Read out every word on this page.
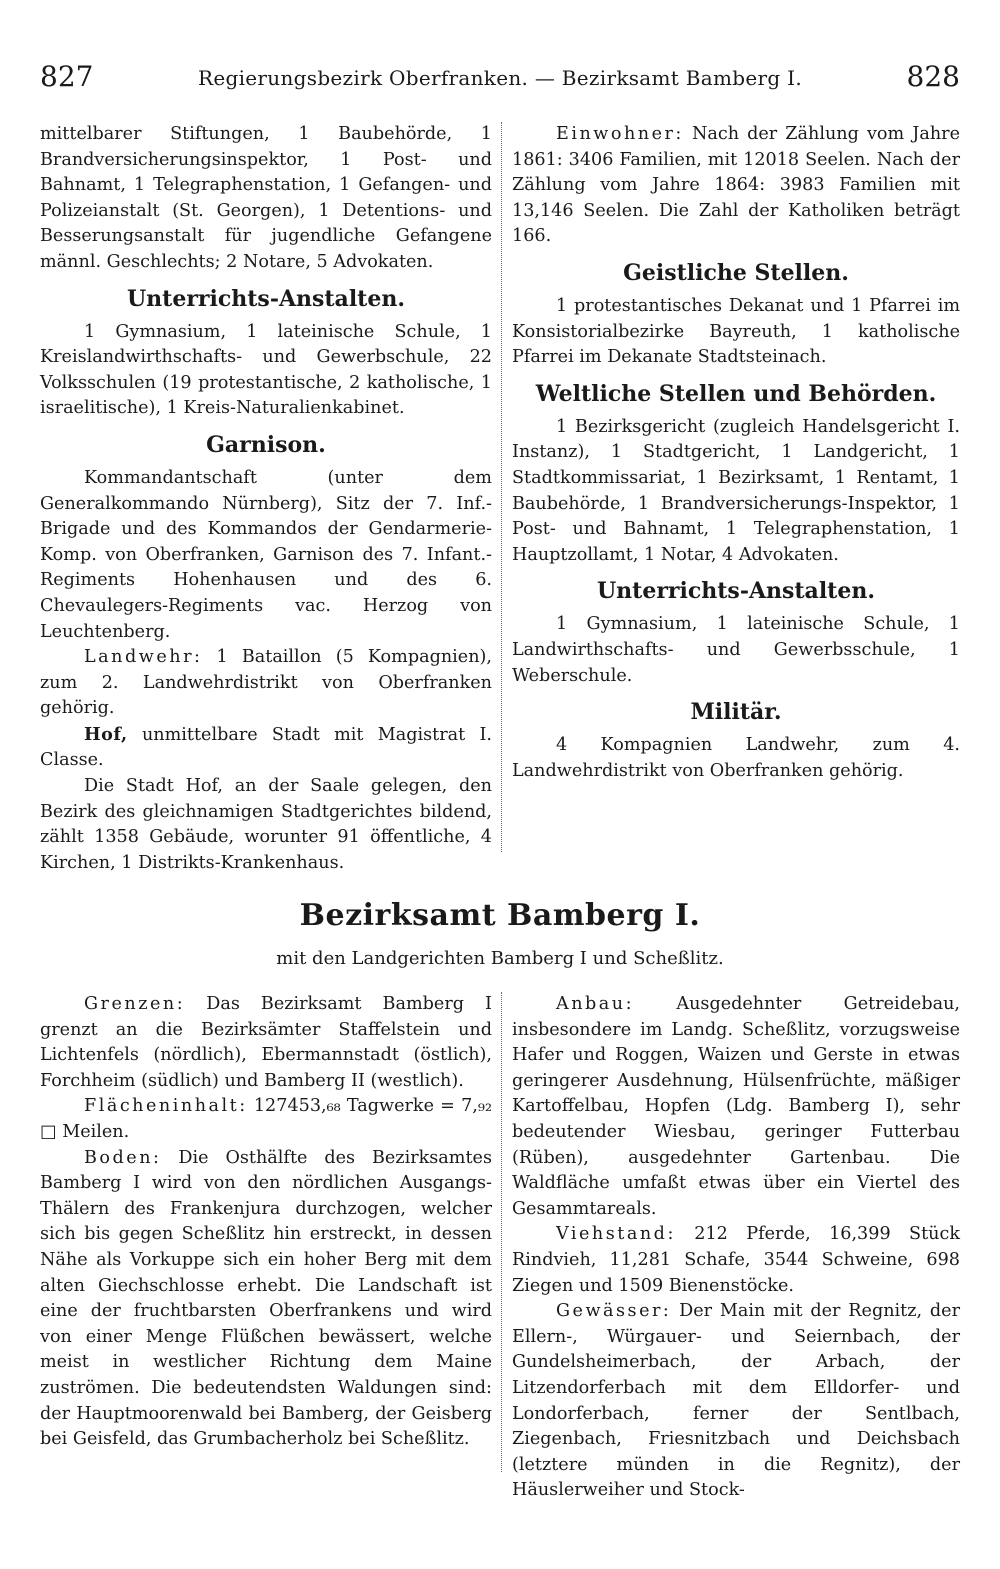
827	Regierungsbezirk Oberfranken. — Bezirksamt Bamberg I.	828

mittelbarer Stiftungen, 1 Baubehörde, 1 Brandversicherungsinspektor, 1 Post- und Bahnamt, 1 Telegraphenstation, 1 Gefangen- und Polizeianstalt (St. Georgen), 1 Detentions- und Besserungsanstalt für jugendliche Gefangene männl. Geschlechts; 2 Notare, 5 Advokaten.

Unterrichts-Anstalten.

1 Gymnasium, 1 lateinische Schule, 1 Kreislandwirthschafts- und Gewerbschule, 22 Volksschulen (19 protestantische, 2 katholische, 1 israelitische), 1 Kreis-Naturalienkabinet.

Garnison.

Kommandantschaft (unter dem Generalkommando Nürnberg), Sitz der 7. Inf.-Brigade und des Kommandos der Gendarmerie-Komp. von Oberfranken, Garnison des 7. Infant.-Regiments Hohenhausen und des 6. Chevaulegers-Regiments vac. Herzog von Leuchtenberg.

Landwehr: 1 Bataillon (5 Kompagnien), zum 2. Landwehrdistrikt von Oberfranken gehörig.

Hof, unmittelbare Stadt mit Magistrat I. Classe.

Die Stadt Hof, an der Saale gelegen, den Bezirk des gleichnamigen Stadtgerichtes bildend, zählt 1358 Gebäude, worunter 91 öffentliche, 4 Kirchen, 1 Distrikts-Krankenhaus.

Einwohner: Nach der Zählung vom Jahre 1861: 3406 Familien, mit 12018 Seelen. Nach der Zählung vom Jahre 1864: 3983 Familien mit 13,146 Seelen. Die Zahl der Katholiken beträgt 166.

Geistliche Stellen.

1 protestantisches Dekanat und 1 Pfarrei im Konsistorialbezirke Bayreuth, 1 katholische Pfarrei im Dekanate Stadtsteinach.

Weltliche Stellen und Behörden.

1 Bezirksgericht (zugleich Handelsgericht I. Instanz), 1 Stadtgericht, 1 Landgericht, 1 Stadtkommissariat, 1 Bezirksamt, 1 Rentamt, 1 Baubehörde, 1 Brandversicherungs-Inspektor, 1 Post- und Bahnamt, 1 Telegraphenstation, 1 Hauptzollamt, 1 Notar, 4 Advokaten.

Unterrichts-Anstalten.

1 Gymnasium, 1 lateinische Schule, 1 Landwirthschafts- und Gewerbsschule, 1 Weberschule.

Militär.

4 Kompagnien Landwehr, zum 4. Landwehrdistrikt von Oberfranken gehörig.

Bezirksamt Bamberg I.
mit den Landgerichten Bamberg I und Scheßlitz.

Grenzen: Das Bezirksamt Bamberg I grenzt an die Bezirksämter Staffelstein und Lichtenfels (nördlich), Ebermannstadt (östlich), Forchheim (südlich) und Bamberg II (westlich).

Flächeninhalt: 127453,₆₈ Tagwerke = 7,₉₂ □ Meilen.

Boden: Die Osthälfte des Bezirksamtes Bamberg I wird von den nördlichen Ausgangs-Thälern des Frankenjura durchzogen, welcher sich bis gegen Scheßlitz hin erstreckt, in dessen Nähe als Vorkuppe sich ein hoher Berg mit dem alten Giechschlosse erhebt. Die Landschaft ist eine der fruchtbarsten Oberfrankens und wird von einer Menge Flüßchen bewässert, welche meist in westlicher Richtung dem Maine zuströmen. Die bedeutendsten Waldungen sind: der Hauptmoorenwald bei Bamberg, der Geisberg bei Geisfeld, das Grumbacherholz bei Scheßlitz.

Anbau: Ausgedehnter Getreidebau, insbesondere im Landg. Scheßlitz, vorzugsweise Hafer und Roggen, Waizen und Gerste in etwas geringerer Ausdehnung, Hülsenfrüchte, mäßiger Kartoffelbau, Hopfen (Ldg. Bamberg I), sehr bedeutender Wiesbau, geringer Futterbau (Rüben), ausgedehnter Gartenbau. Die Waldfläche umfaßt etwas über ein Viertel des Gesammtareals.

Viehstand: 212 Pferde, 16,399 Stück Rindvieh, 11,281 Schafe, 3544 Schweine, 698 Ziegen und 1509 Bienenstöcke.

Gewässer: Der Main mit der Regnitz, der Ellern-, Würgauer- und Seiernbach, der Gundelsheimerbach, der Arbach, der Litzendorferbach mit dem Elldorfer- und Londorferbach, ferner der Sentlbach, Ziegenbach, Friesnitzbach und Deichsbach (letztere münden in die Regnitz), der Häuslerweiher und Stock-
